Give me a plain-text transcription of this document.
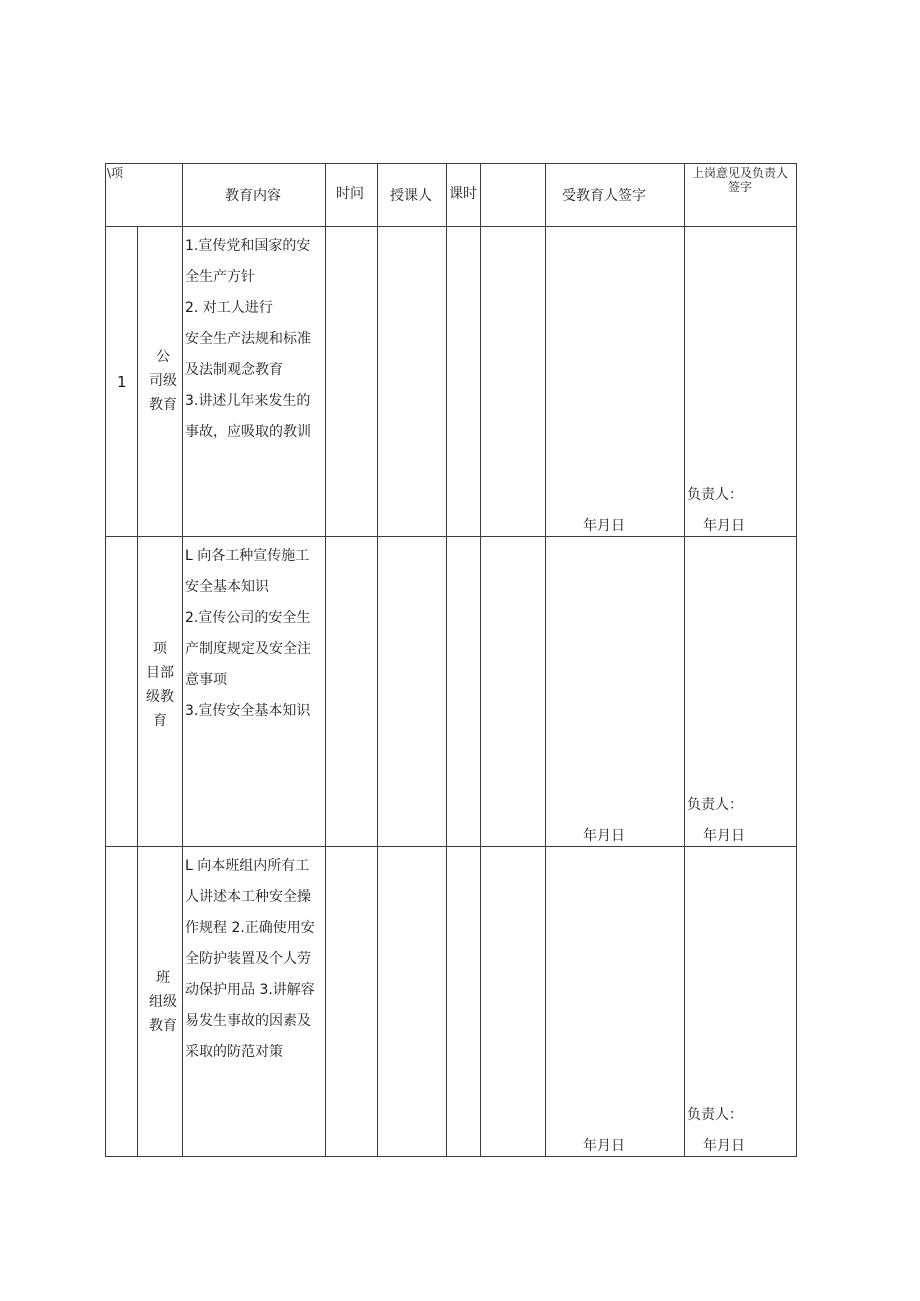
\项
教育内容	时问 授课人 课时	受教育人签字
上岗意见及负责人签字
1
公
司级
教育
1.宣传党和国家的安
全生产方针
2. 对工人进行
安全生产法规和标准
及法制观念教育
3.讲述儿年来发生的
事故，应吸取的教训
年月日
负责人：
年月日
项
目部
级教
育
L 向各工种宣传施工
安全基本知识
2.宣传公司的安全生
产制度规定及安全注
意事项
3.宣传安全基本知识
年月日
负责人：
年月日
班
组级
教育
L 向本班组内所有工
人讲述本工种安全操
作规程 2.正确使用安
全防护装置及个人劳
动保护用品 3.讲解容
易发生事故的因素及
采取的防范对策
年月日
负责人：
年月日
